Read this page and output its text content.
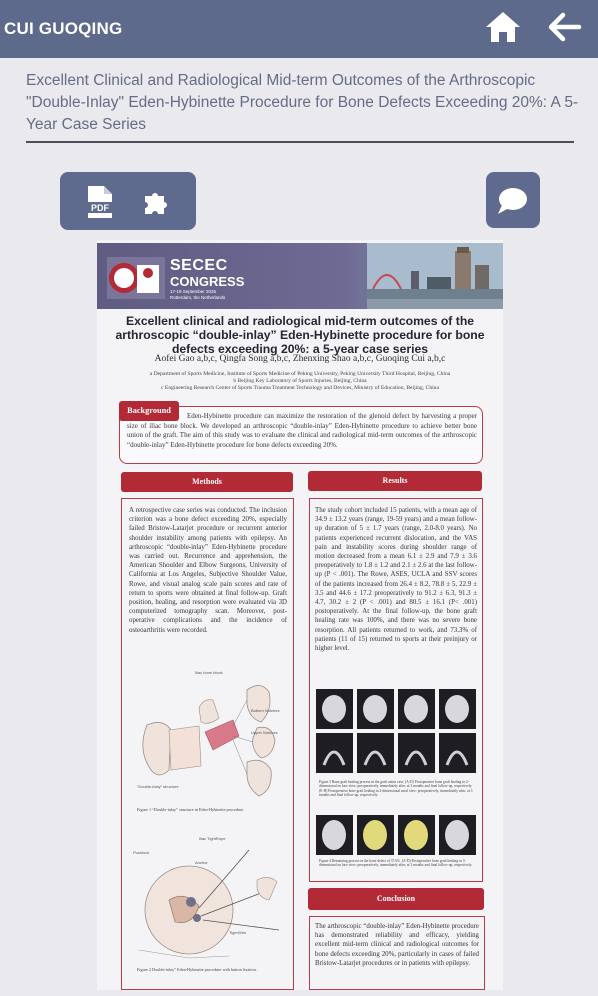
CUI GUOQING
Excellent Clinical and Radiological Mid-term Outcomes of the Arthroscopic "Double-Inlay" Eden-Hybinette Procedure for Bone Defects Exceeding 20%: A 5-Year Case Series
PDF
SECEC
CONGRESS
17-19 September 2025
Rotterdam, the Netherlands
Excellent clinical and radiological mid-term outcomes of the arthroscopic “double-inlay” Eden-Hybinette procedure for bone defects exceeding 20%: a 5-year case series
Aofei Gao a,b,c, Qingfa Song a,b,c, Zhenxing Shao a,b,c, Guoqing Cui a,b,c
a Department of Sports Medicine, Institute of Sports Medicine of Peking University, Peking University Third Hospital, Beijing, China
b Beijing Key Laboratory of Sports Injuries, Beijing, China
c Engineering Research Center of Sports Trauma Treatment Technology and Devices, Ministry of Education, Beijing, China
Background
Eden-Hybinette procedure can maximize the restoration of the glenoid defect by harvesting a proper size of iliac bone block. We developed an arthroscopic “double-inlay” Eden-Hybinette procedure to achieve better bone union of the graft. The aim of this study was to evaluate the clinical and radiological mid-term outcomes of the arthroscopic “double-inlay” Eden-Hybinette procedure for bone defects exceeding 20%.
Methods
A retrospective case series was conducted. The inclusion criterion was a bone defect exceeding 20%, especially failed Bristow-Latarjet procedure or recurrent anterior shoulder instability among patients with epilepsy. An arthroscopic “double-inlay” Eden-Hybinette procedure was carried out. Recurrence and apprehension, the American Shoulder and Elbow Surgeons, University of California at Los Angeles, Subjective Shoulder Value, Rowe, and visual analog scale pain scores and rate of return to sports were obtained at final follow-up. Graft position, healing, and resorption were evaluated via 3D computerized tomography scan. Moreover, post- operative complications and the incidence of osteoarthritis were recorded.
Iliac bone block
Bottom Notches
Upper Notches
“Double-inlay” structure
Figure 1 “Double-inlay” structure in Eden-Hybinette procedure.
Iliac TightRope
Pushlock
Anchor
TigerWire
Figure 2 Double-inlay” Eden-Hybinette procedure with button fixation.
Results
The study cohort included 15 patients, with a mean age of 34.9 ± 13.2 years (range, 19-59 years) and a mean follow-up duration of 5 ± 1.7 years (range, 2.0-8.0 years). No patients experienced recurrent dislocation, and the VAS pain and instability scores during shoulder range of motion decreased from a mean 6.1 ± 2.9 and 7.9 ± 3.6 preoperatively to 1.8 ± 1.2 and 2.1 ± 2.6 at the last follow-up (P < .001). The Rowe, ASES, UCLA and SSV scores of the patients increased from 26.4 ± 8.2, 78.8 ± 5, 22.9 ± 3.5 and 44.6 ± 17.2 preoperatively to 91.2 ± 6.3, 91.3 ± 4.7, 30.2 ± 2 (P < .001) and 80.5 ± 16.1 (P< .001) postoperatively. At the final follow-up, the bone graft healing rate was 100%, and there was no severe bone resorption. All patients returned to work, and 73.3% of patients (11 of 15) returned to sports at their preinjury or higher level.
Figure 3 Bone graft healing process in the graft union case. (A-D) Postoperative bone graft healing in 2-dimensional en face view: preoperatively, immediately after, at 3 months and final follow-up, respectively. (E-H) Postoperative bone graft healing in 2-dimensional axial view: preoperatively, immediately after, at 3 months and final follow-up, respectively.
Figure 4 Remaining process in the bone defect of 37.6%. (A-D) Postoperative bone graft healing in 3-dimensional en face view: preoperatively, immediately after, at 3 months and final follow-up, respectively.
Conclusion
The arthroscopic “double-inlay” Eden-Hybinette procedure has demonstrated reliability and efficacy, yielding excellent mid-term clinical and radiological outcomes for bone defects exceeding 20%, particularly in cases of failed Bristow-Latarjet procedures or in patients with epilepsy.
